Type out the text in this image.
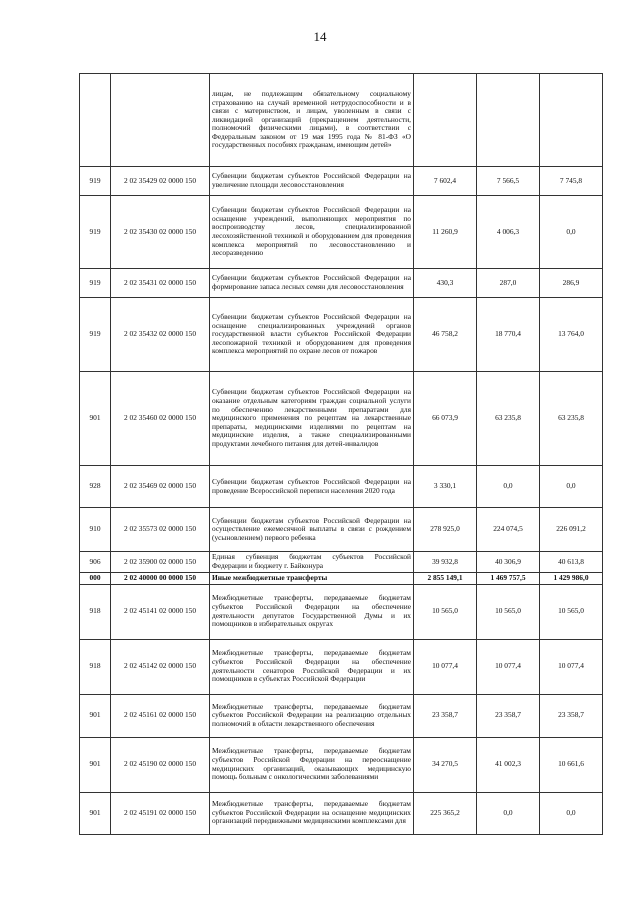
14
		лицам, не подлежащим обязательному социальному страхованию на случай временной нетрудоспособности и в связи с материнством, и лицам, уволенным в связи с ликвидацией организаций (прекращением деятельности, полномочий физическими лицами), в соответствии с Федеральным законом от 19 мая 1995 года № 81-ФЗ «О государственных пособиях гражданам, имеющим детей»			
919	2 02 35429 02 0000 150	Субвенции бюджетам субъектов Российской Федерации на увеличение площади лесовосстановления	7 602,4	7 566,5	7 745,8
919	2 02 35430 02 0000 150	Субвенции бюджетам субъектов Российской Федерации на оснащение учреждений, выполняющих мероприятия по воспроизводству лесов, специализированной лесохозяйственной техникой и оборудованием для проведения комплекса мероприятий по лесовосстановлению и лесоразведению	11 260,9	4 006,3	0,0
919	2 02 35431 02 0000 150	Субвенции бюджетам субъектов Российской Федерации на формирование запаса лесных семян для лесовосстановления	430,3	287,0	286,9
919	2 02 35432 02 0000 150	Субвенции бюджетам субъектов Российской Федерации на оснащение специализированных учреждений органов государственной власти субъектов Российской Федерации лесопожарной техникой и оборудованием для проведения комплекса мероприятий по охране лесов от пожаров	46 758,2	18 770,4	13 764,0
901	2 02 35460 02 0000 150	Субвенции бюджетам субъектов Российской Федерации на оказание отдельным категориям граждан социальной услуги по обеспечению лекарственными препаратами для медицинского применения по рецептам на лекарственные препараты, медицинскими изделиями по рецептам на медицинские изделия, а также специализированными продуктами лечебного питания для детей-инвалидов	66 073,9	63 235,8	63 235,8
928	2 02 35469 02 0000 150	Субвенции бюджетам субъектов Российской Федерации на проведение Всероссийской переписи населения 2020 года	3 330,1	0,0	0,0
910	2 02 35573 02 0000 150	Субвенции бюджетам субъектов Российской Федерации на осуществление ежемесячной выплаты в связи с рождением (усыновлением) первого ребенка	278 925,0	224 074,5	226 091,2
906	2 02 35900 02 0000 150	Единая субвенция бюджетам субъектов Российской Федерации и бюджету г. Байконура	39 932,8	40 306,9	40 613,8
000	2 02 40000 00 0000 150	Иные межбюджетные трансферты	2 855 149,1	1 469 757,5	1 429 986,0
918	2 02 45141 02 0000 150	Межбюджетные трансферты, передаваемые бюджетам субъектов Российской Федерации на обеспечение деятельности депутатов Государственной Думы и их помощников в избирательных округах	10 565,0	10 565,0	10 565,0
918	2 02 45142 02 0000 150	Межбюджетные трансферты, передаваемые бюджетам субъектов Российской Федерации на обеспечение деятельности сенаторов Российской Федерации и их помощников в субъектах Российской Федерации	10 077,4	10 077,4	10 077,4
901	2 02 45161 02 0000 150	Межбюджетные трансферты, передаваемые бюджетам субъектов Российской Федерации на реализацию отдельных полномочий в области лекарственного обеспечения	23 358,7	23 358,7	23 358,7
901	2 02 45190 02 0000 150	Межбюджетные трансферты, передаваемые бюджетам субъектов Российской Федерации на переоснащение медицинских организаций, оказывающих медицинскую помощь больным с онкологическими заболеваниями	34 270,5	41 002,3	10 661,6
901	2 02 45191 02 0000 150	Межбюджетные трансферты, передаваемые бюджетам субъектов Российской Федерации на оснащение медицинских организаций передвижными медицинскими комплексами для	225 365,2	0,0	0,0
